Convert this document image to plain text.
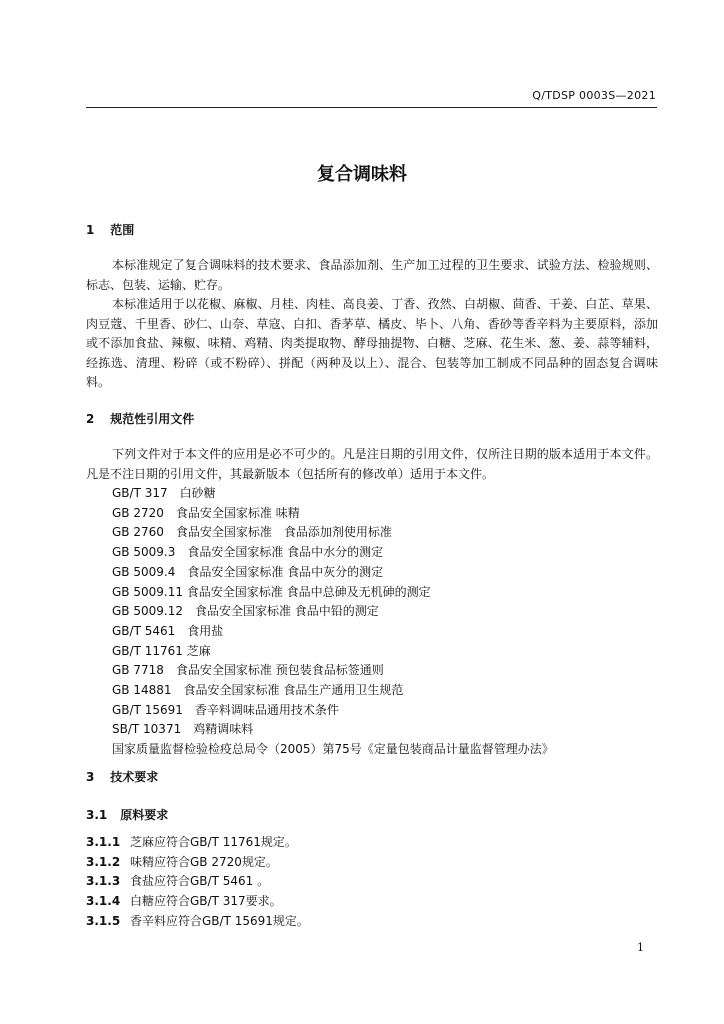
Q/TDSP 0003S—2021
复合调味料
1 范围
本标准规定了复合调味料的技术要求、食品添加剂、生产加工过程的卫生要求、试验方法、检验规则、标志、包装、运输、贮存。
本标准适用于以花椒、麻椒、月桂、肉桂、高良姜、丁香、孜然、白胡椒、茴香、干姜、白芷、草果、肉豆蔻、千里香、砂仁、山奈、草寇、白扣、香茅草、橘皮、毕卜、八角、香砂等香辛料为主要原料，添加或不添加食盐、辣椒、味精、鸡精、肉类提取物、酵母抽提物、白糖、芝麻、花生米、葱、姜、蒜等辅料，经拣选、清理、粉碎（或不粉碎）、拼配（两种及以上）、混合、包装等加工制成不同品种的固态复合调味料。
2 规范性引用文件
下列文件对于本文件的应用是必不可少的。凡是注日期的引用文件，仅所注日期的版本适用于本文件。凡是不注日期的引用文件，其最新版本（包括所有的修改单）适用于本文件。
GB/T 317　白砂糖
GB 2720　食品安全国家标准 味精
GB 2760　食品安全国家标准　食品添加剂使用标准
GB 5009.3　食品安全国家标准 食品中水分的测定
GB 5009.4　食品安全国家标准 食品中灰分的测定
GB 5009.11 食品安全国家标准 食品中总砷及无机砷的测定
GB 5009.12　食品安全国家标准 食品中铅的测定
GB/T 5461　食用盐
GB/T 11761 芝麻
GB 7718　食品安全国家标准 预包装食品标签通则
GB 14881　食品安全国家标准 食品生产通用卫生规范
GB/T 15691　香辛料调味品通用技术条件
SB/T 10371　鸡精调味料
国家质量监督检验检疫总局令（2005）第75号《定量包装商品计量监督管理办法》
3 技术要求
3.1 原料要求
3.1.1 芝麻应符合GB/T 11761规定。
3.1.2 味精应符合GB 2720规定。
3.1.3 食盐应符合GB/T 5461 。
3.1.4 白糖应符合GB/T 317要求。
3.1.5 香辛料应符合GB/T 15691规定。
1
